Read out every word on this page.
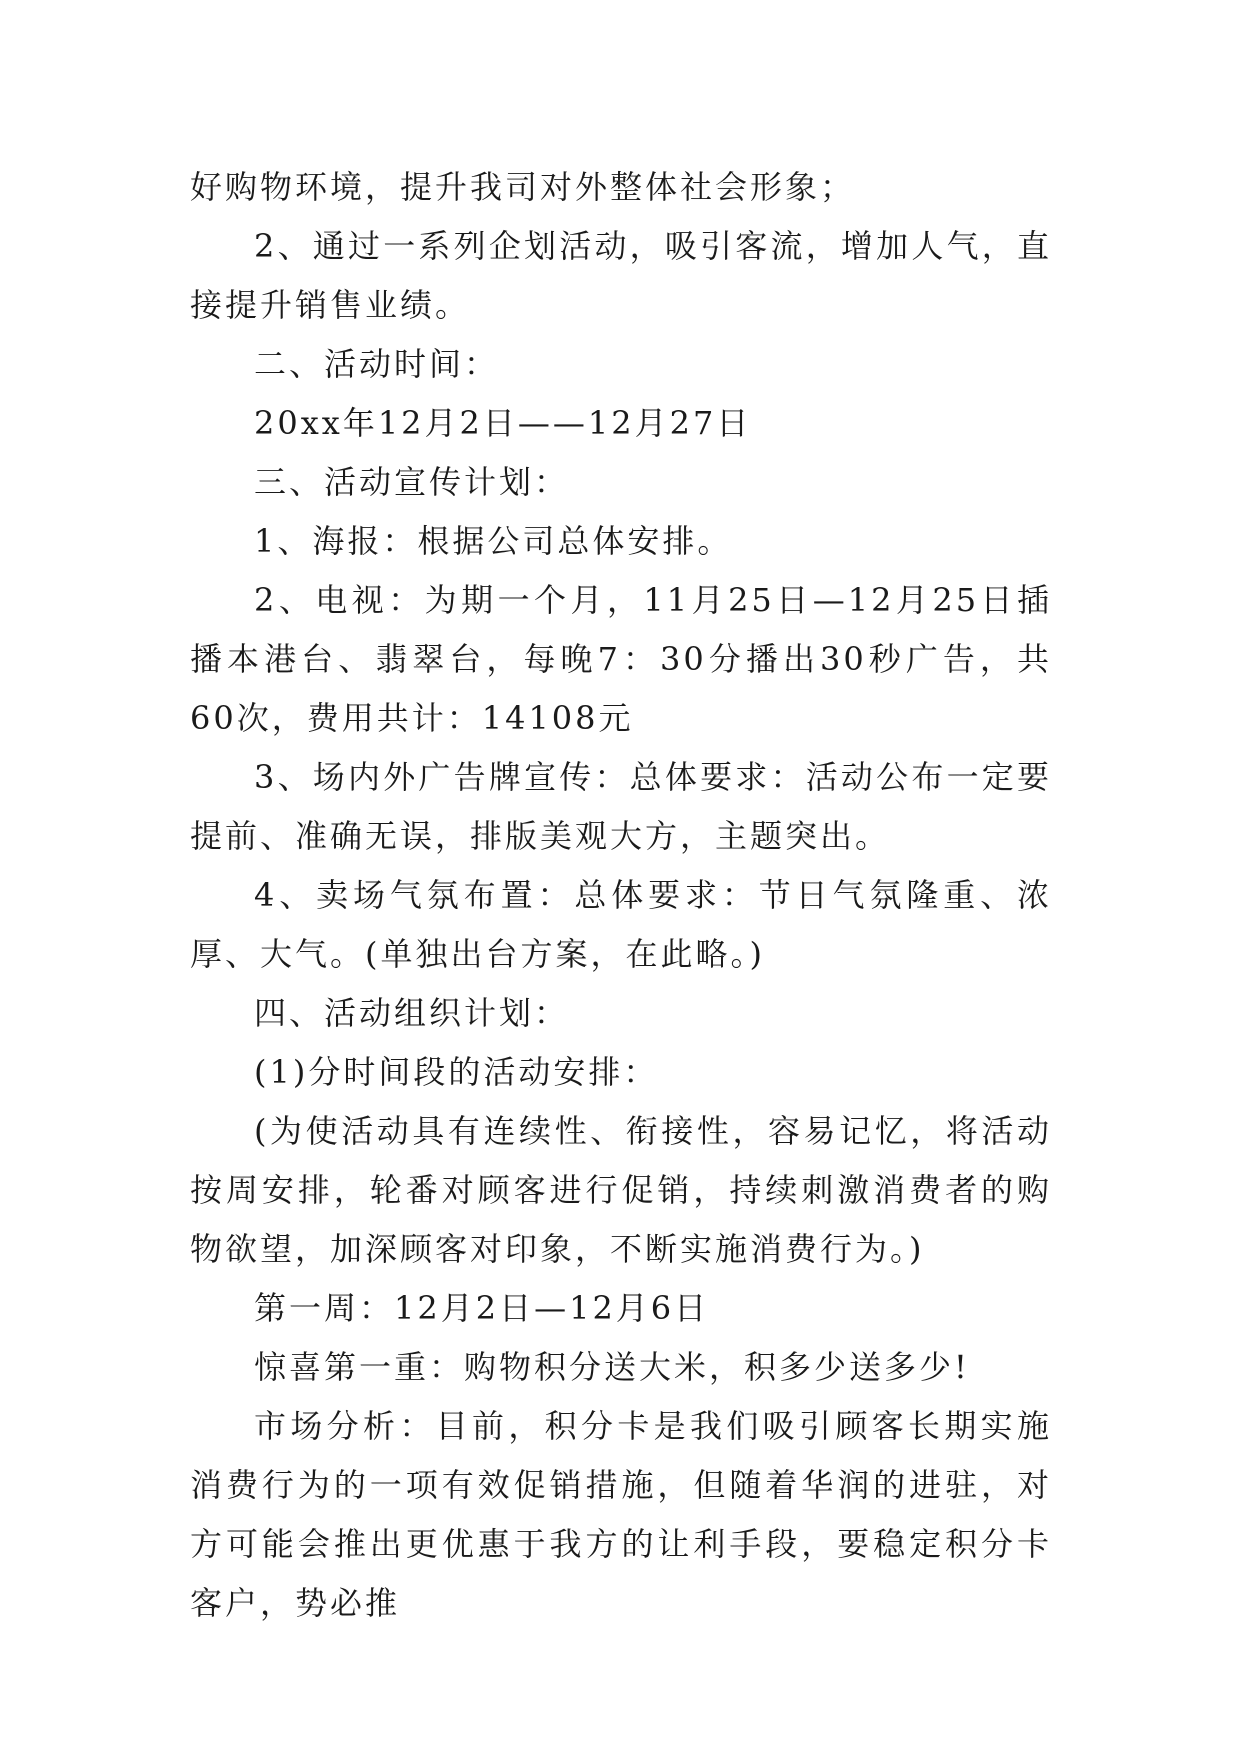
好购物环境，提升我司对外整体社会形象；

2、通过一系列企划活动，吸引客流，增加人气，直接提升销售业绩。

二、活动时间：

20xx年12月2日——12月27日

三、活动宣传计划：

1、海报：根据公司总体安排。

2、电视：为期一个月，11月25日—12月25日插播本港台、翡翠台，每晚7：30分播出30秒广告，共60次，费用共计：14108元

3、场内外广告牌宣传：总体要求：活动公布一定要提前、准确无误，排版美观大方，主题突出。

4、卖场气氛布置：总体要求：节日气氛隆重、浓厚、大气。(单独出台方案，在此略。)

四、活动组织计划：

(1)分时间段的活动安排：

(为使活动具有连续性、衔接性，容易记忆，将活动按周安排，轮番对顾客进行促销，持续刺激消费者的购物欲望，加深顾客对印象，不断实施消费行为。)

第一周：12月2日—12月6日

惊喜第一重：购物积分送大米，积多少送多少!

市场分析：目前，积分卡是我们吸引顾客长期实施消费行为的一项有效促销措施，但随着华润的进驻，对方可能会推出更优惠于我方的让利手段，要稳定积分卡客户，势必推
